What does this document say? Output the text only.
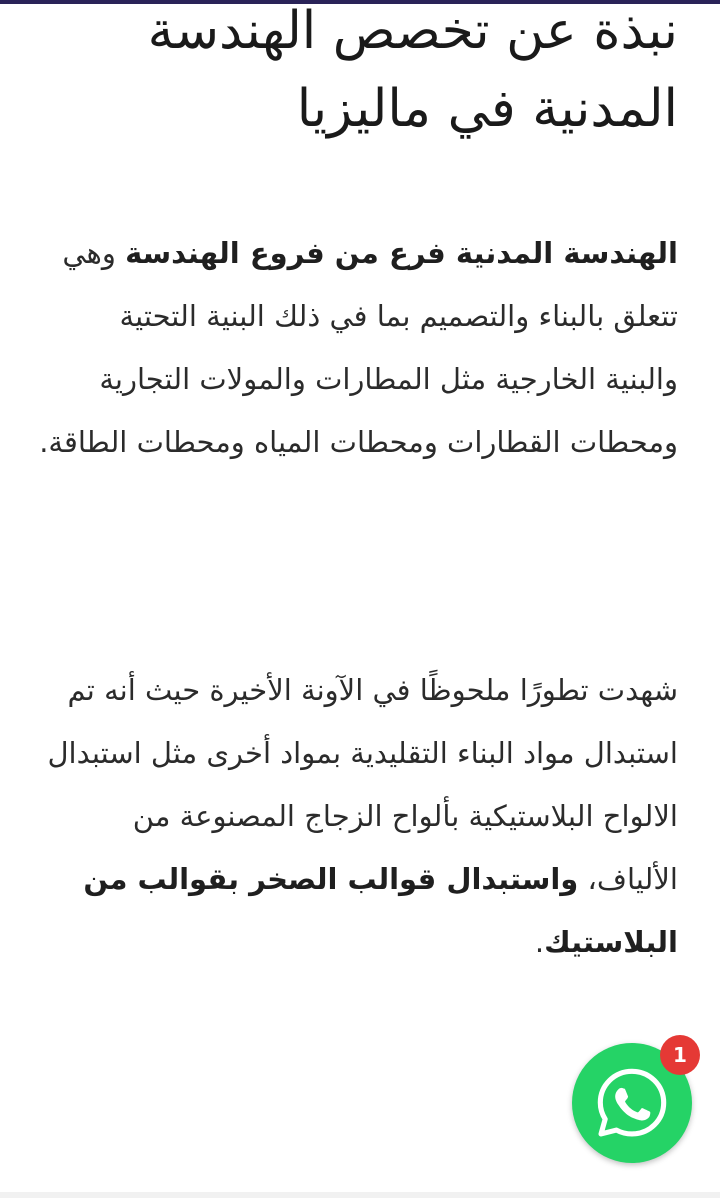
نبذة عن تخصص الهندسة المدنية في ماليزيا

الهندسة المدنية فرع من فروع الهندسة وهي تتعلق بالبناء والتصميم بما في ذلك البنية التحتية والبنية الخارجية مثل المطارات والمولات التجارية ومحطات القطارات ومحطات المياه ومحطات الطاقة.

شهدت تطورًا ملحوظًا في الآونة الأخيرة حيث أنه تم استبدال مواد البناء التقليدية بمواد أخرى مثل استبدال الالواح البلاستيكية بألواح الزجاج المصنوعة من الألياف، واستبدال قوالب الصخر بقوالب من البلاستيك.

1
